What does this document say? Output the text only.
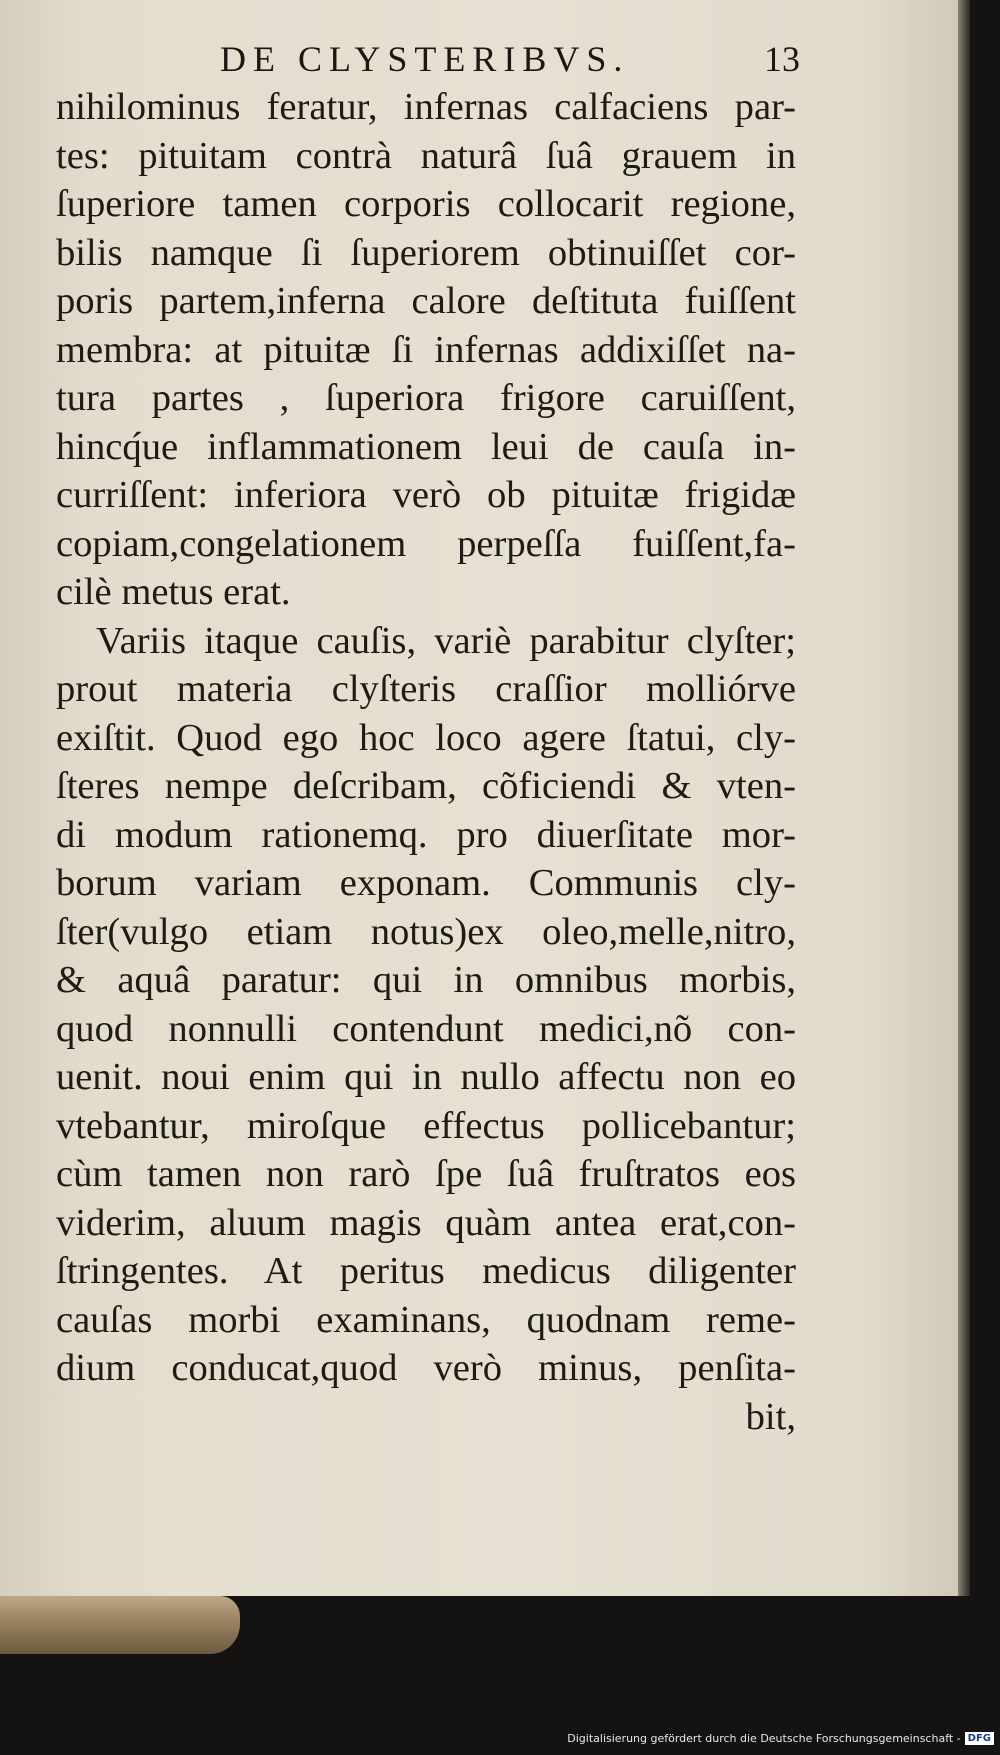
DE CLYSTERIBVS.	13
nihilominus feratur, infernas calfaciens par-
tes: pituitam contrà naturâ ſuâ grauem in
ſuperiore tamen corporis collocarit regione,
bilis namque ſi ſuperiorem obtinuiſſet cor-
poris partem,inferna calore deſtituta fuiſſent
membra: at pituitæ ſi infernas addixiſſet na-
tura partes , ſuperiora frigore caruiſſent,
hincq́ue inflammationem leui de cauſa in-
curriſſent: inferiora verò ob pituitæ frigidæ
copiam,congelationem perpeſſa fuiſſent,fa-
cilè metus erat.
Variis itaque cauſis, variè parabitur clyſter;
prout materia clyſteris craſſior molliórve
exiſtit. Quod ego hoc loco agere ſtatui, cly-
ſteres nempe deſcribam, cõficiendi & vten-
di modum rationemq. pro diuerſitate mor-
borum variam exponam. Communis cly-
ſter(vulgo etiam notus)ex oleo,melle,nitro,
& aquâ paratur: qui in omnibus morbis,
quod nonnulli contendunt medici,nõ con-
uenit. noui enim qui in nullo affectu non eo
vtebantur, miroſque effectus pollicebantur;
cùm tamen non rarò ſpe ſuâ fruſtratos eos
viderim, aluum magis quàm antea erat,con-
ſtringentes. At peritus medicus diligenter
cauſas morbi examinans, quodnam reme-
dium conducat,quod verò minus, penſita-
bit,
Digitalisierung gefördert durch die Deutsche Forschungsgemeinschaft - DFG
